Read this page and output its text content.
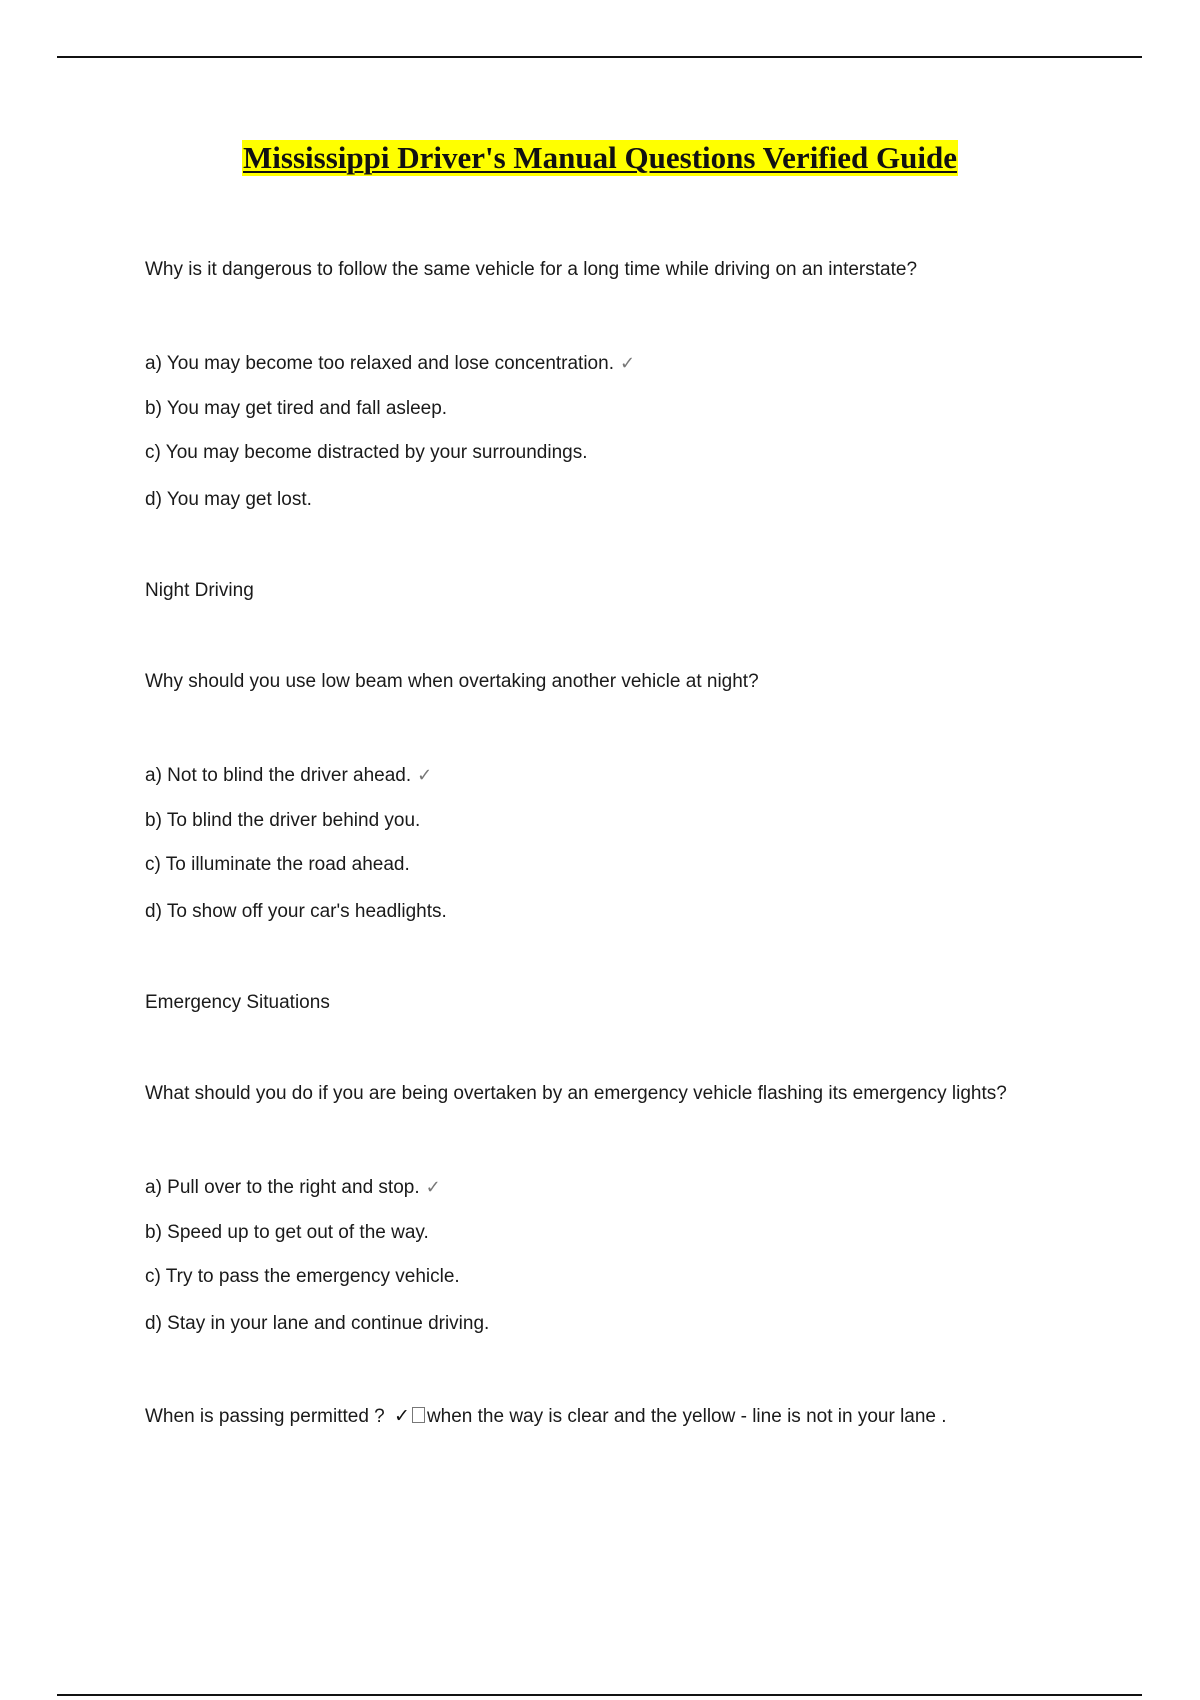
Mississippi Driver's Manual Questions Verified Guide
Why is it dangerous to follow the same vehicle for a long time while driving on an interstate?
a) You may become too relaxed and lose concentration. ✓
b) You may get tired and fall asleep.
c) You may become distracted by your surroundings.
d) You may get lost.
Night Driving
Why should you use low beam when overtaking another vehicle at night?
a) Not to blind the driver ahead. ✓
b) To blind the driver behind you.
c) To illuminate the road ahead.
d) To show off your car's headlights.
Emergency Situations
What should you do if you are being overtaken by an emergency vehicle flashing its emergency lights?
a) Pull over to the right and stop. ✓
b) Speed up to get out of the way.
c) Try to pass the emergency vehicle.
d) Stay in your lane and continue driving.
When is passing permitted ? ✓ when the way is clear and the yellow - line is not in your lane .
